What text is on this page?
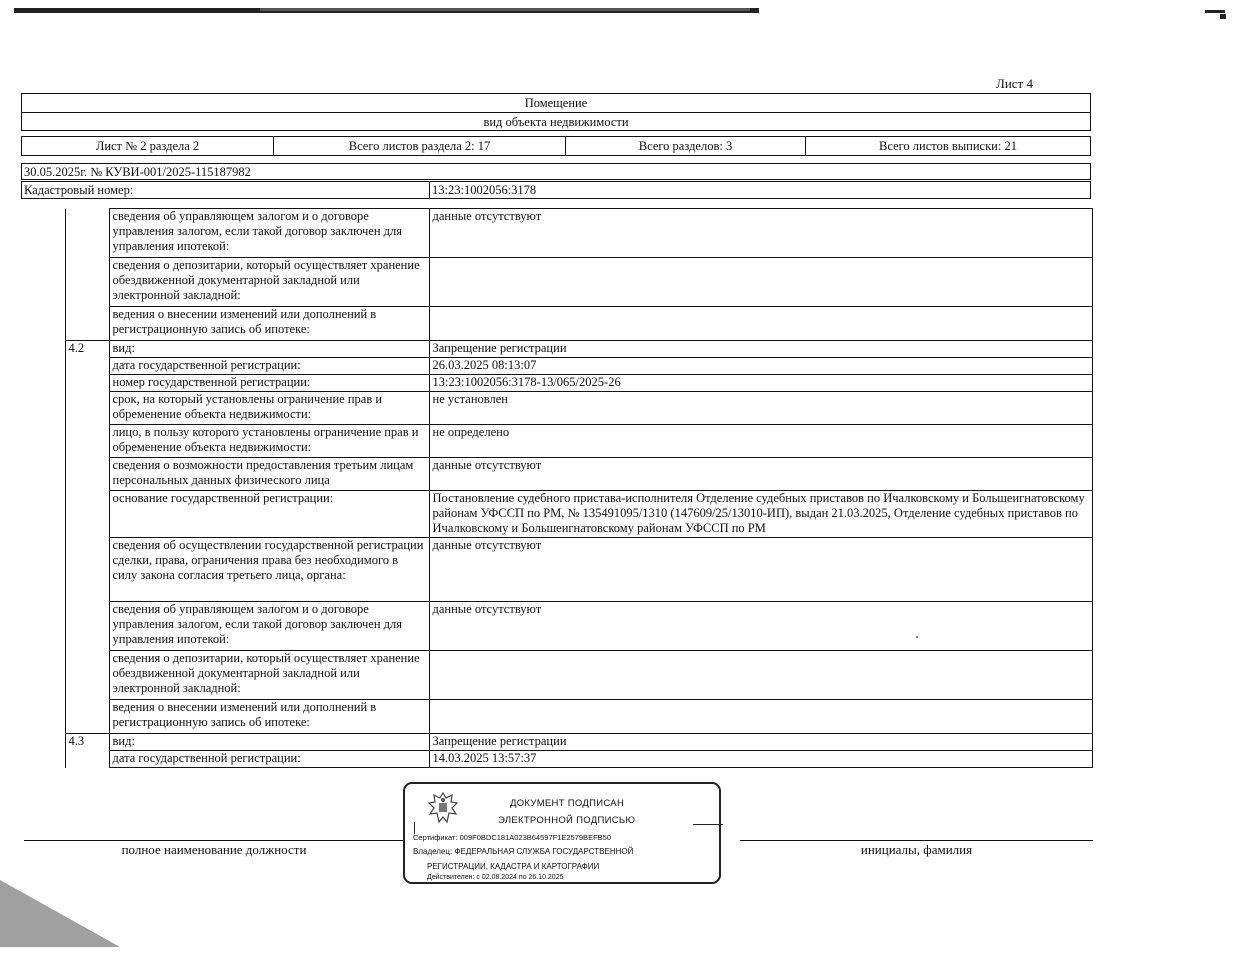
Лист 4
Помещение
вид объекта недвижимости
Лист № 2 раздела 2	Всего листов раздела 2: 17	Всего разделов: 3	Всего листов выписки: 21
30.05.2025г. № КУВИ-001/2025-115187982
Кадастровый номер:	13:23:1002056:3178
		сведения об управляющем залогом и о договоре управления залогом, если такой договор заключен для управления ипотекой:	данные отсутствуют
		сведения о депозитарии, который осуществляет хранение обездвиженной документарной закладной или электронной закладной:	
		ведения о внесении изменений или дополнений в регистрационную запись об ипотеке:	
	4.2	вид:	Запрещение регистрации
		дата государственной регистрации:	26.03.2025 08:13:07
		номер государственной регистрации:	13:23:1002056:3178-13/065/2025-26
		срок, на который установлены ограничение прав и обременение объекта недвижимости:	не установлен
		лицо, в пользу которого установлены ограничение прав и обременение объекта недвижимости:	не определено
		сведения о возможности предоставления третьим лицам персональных данных физического лица	данные отсутствуют
		основание государственной регистрации:	Постановление судебного пристава-исполнителя Отделение судебных приставов по Ичалковскому и Большеигнатовскому районам УФССП по РМ, № 135491095/1310 (147609/25/13010-ИП), выдан 21.03.2025, Отделение судебных приставов по Ичалковскому и Большеигнатовскому районам УФССП по РМ
		сведения об осуществлении государственной регистрации сделки, права, ограничения права без необходимого в силу закона согласия третьего лица, органа:	данные отсутствуют
		сведения об управляющем залогом и о договоре управления залогом, если такой договор заключен для управления ипотекой:	данные отсутствуют
		сведения о депозитарии, который осуществляет хранение обездвиженной документарной закладной или электронной закладной:	
		ведения о внесении изменений или дополнений в регистрационную запись об ипотеке:	
	4.3	вид:	Запрещение регистрации
		дата государственной регистрации:	14.03.2025 13:57:37
полное наименование должности	инициалы, фамилия
ДОКУМЕНТ ПОДПИСАН
ЭЛЕКТРОННОЙ ПОДПИСЬЮ
Сертификат: 009F0BDC181A023B64597F1E2579BEFB50
Владелец: ФЕДЕРАЛЬНАЯ СЛУЖБА ГОСУДАРСТВЕННОЙ
РЕГИСТРАЦИИ, КАДАСТРА И КАРТОГРАФИИ
Действителен: с 02.08.2024 по 26.10.2025
